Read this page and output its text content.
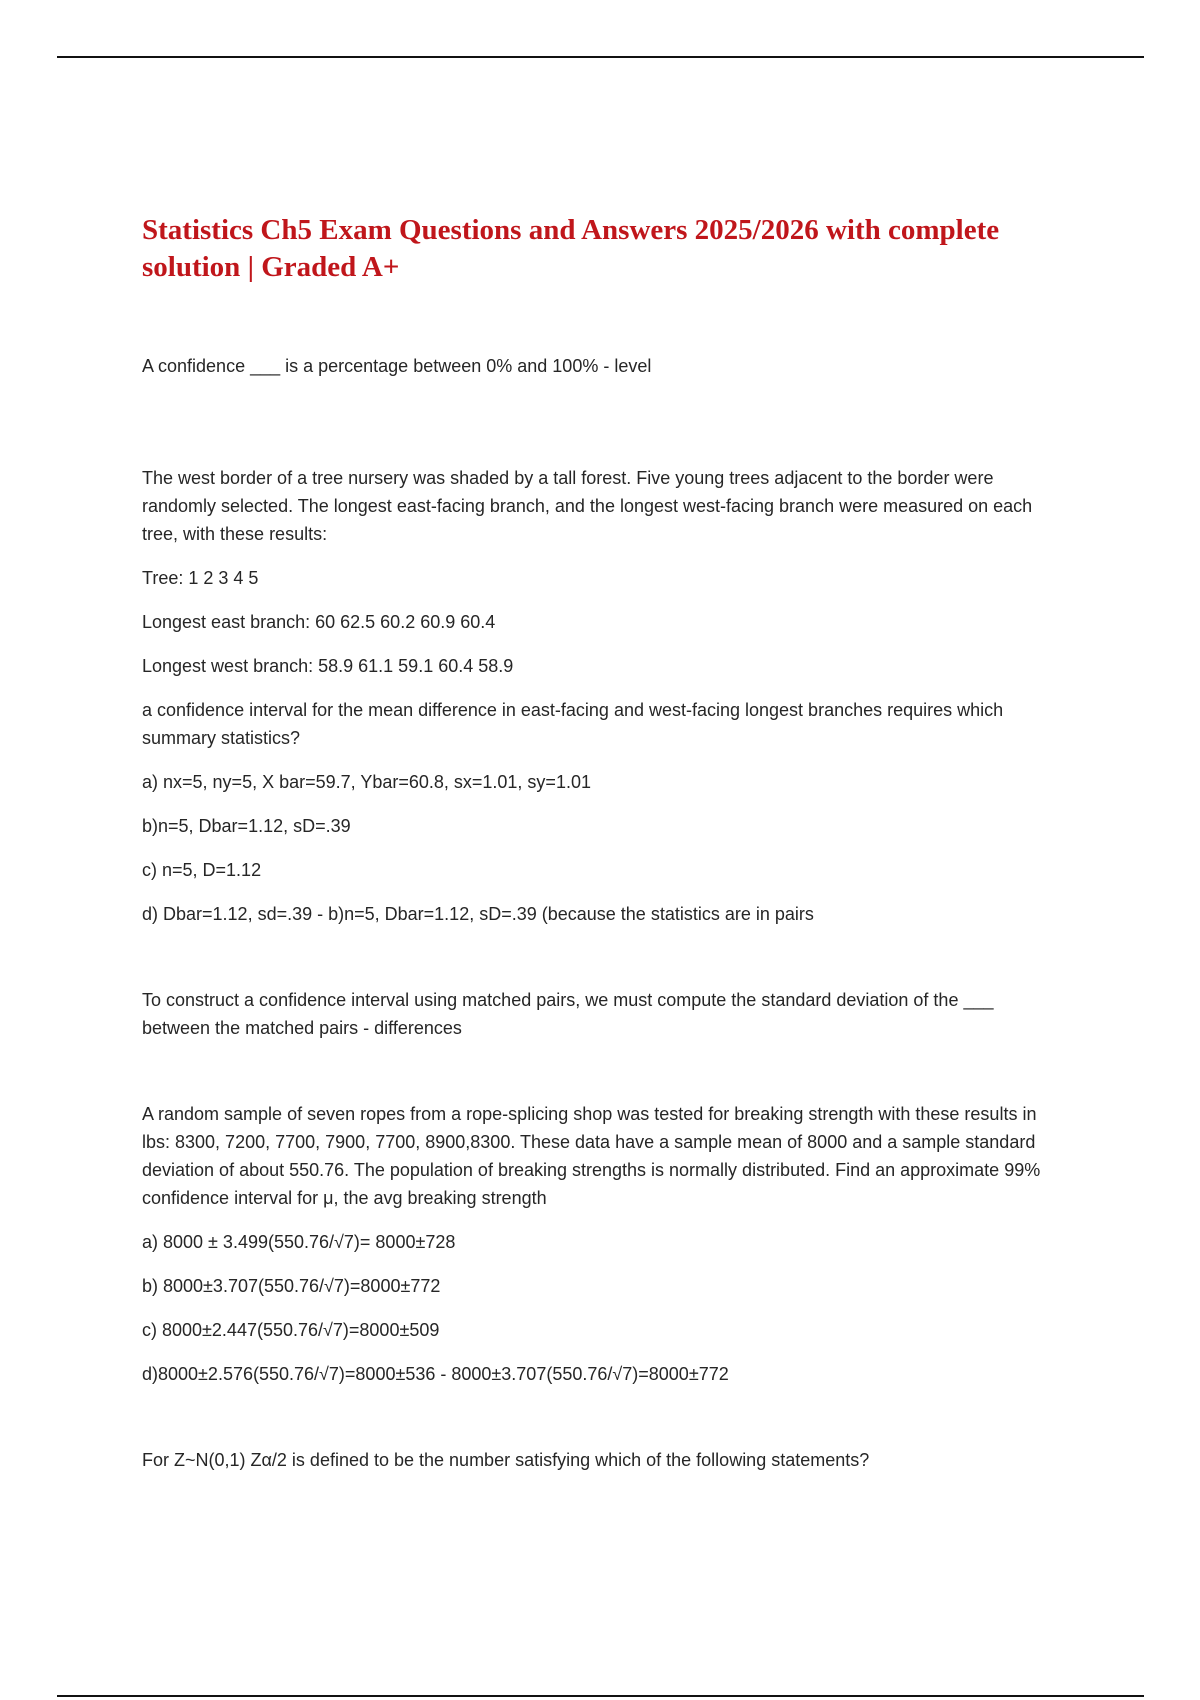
Statistics Ch5 Exam Questions and Answers 2025/2026 with complete solution | Graded A+

A confidence ___ is a percentage between 0% and 100% - level

The west border of a tree nursery was shaded by a tall forest. Five young trees adjacent to the border were randomly selected. The longest east-facing branch, and the longest west-facing branch were measured on each tree, with these results:

Tree: 1 2 3 4 5

Longest east branch: 60 62.5 60.2 60.9 60.4

Longest west branch: 58.9 61.1 59.1 60.4 58.9

a confidence interval for the mean difference in east-facing and west-facing longest branches requires which summary statistics?

a) nx=5, ny=5, X bar=59.7, Ybar=60.8, sx=1.01, sy=1.01

b)n=5, Dbar=1.12, sD=.39

c) n=5, D=1.12

d) Dbar=1.12, sd=.39 - b)n=5, Dbar=1.12, sD=.39 (because the statistics are in pairs

To construct a confidence interval using matched pairs, we must compute the standard deviation of the ___ between the matched pairs - differences

A random sample of seven ropes from a rope-splicing shop was tested for breaking strength with these results in lbs: 8300, 7200, 7700, 7900, 7700, 8900,8300. These data have a sample mean of 8000 and a sample standard deviation of about 550.76. The population of breaking strengths is normally distributed. Find an approximate 99% confidence interval for μ, the avg breaking strength

a) 8000 ± 3.499(550.76/√7)= 8000±728

b) 8000±3.707(550.76/√7)=8000±772

c) 8000±2.447(550.76/√7)=8000±509

d)8000±2.576(550.76/√7)=8000±536 - 8000±3.707(550.76/√7)=8000±772

For Z~N(0,1) Zα/2 is defined to be the number satisfying which of the following statements?
